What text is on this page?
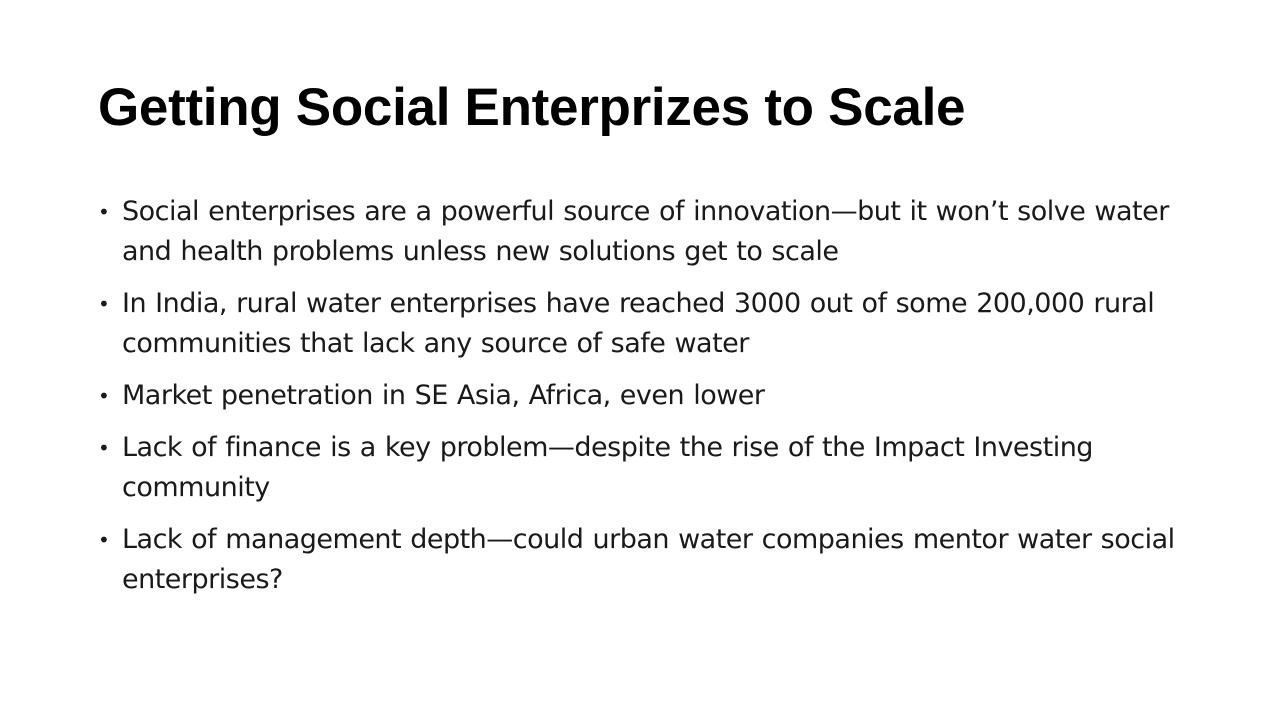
Getting Social Enterprizes to Scale
• Social enterprises are a powerful source of innovation—but it won’t solve water and health problems unless new solutions get to scale
• In India, rural water enterprises have reached 3000 out of some 200,000 rural communities that lack any source of safe water
• Market penetration in SE Asia, Africa, even lower
• Lack of finance is a key problem—despite the rise of the Impact Investing community
• Lack of management depth—could urban water companies mentor water social enterprises?
